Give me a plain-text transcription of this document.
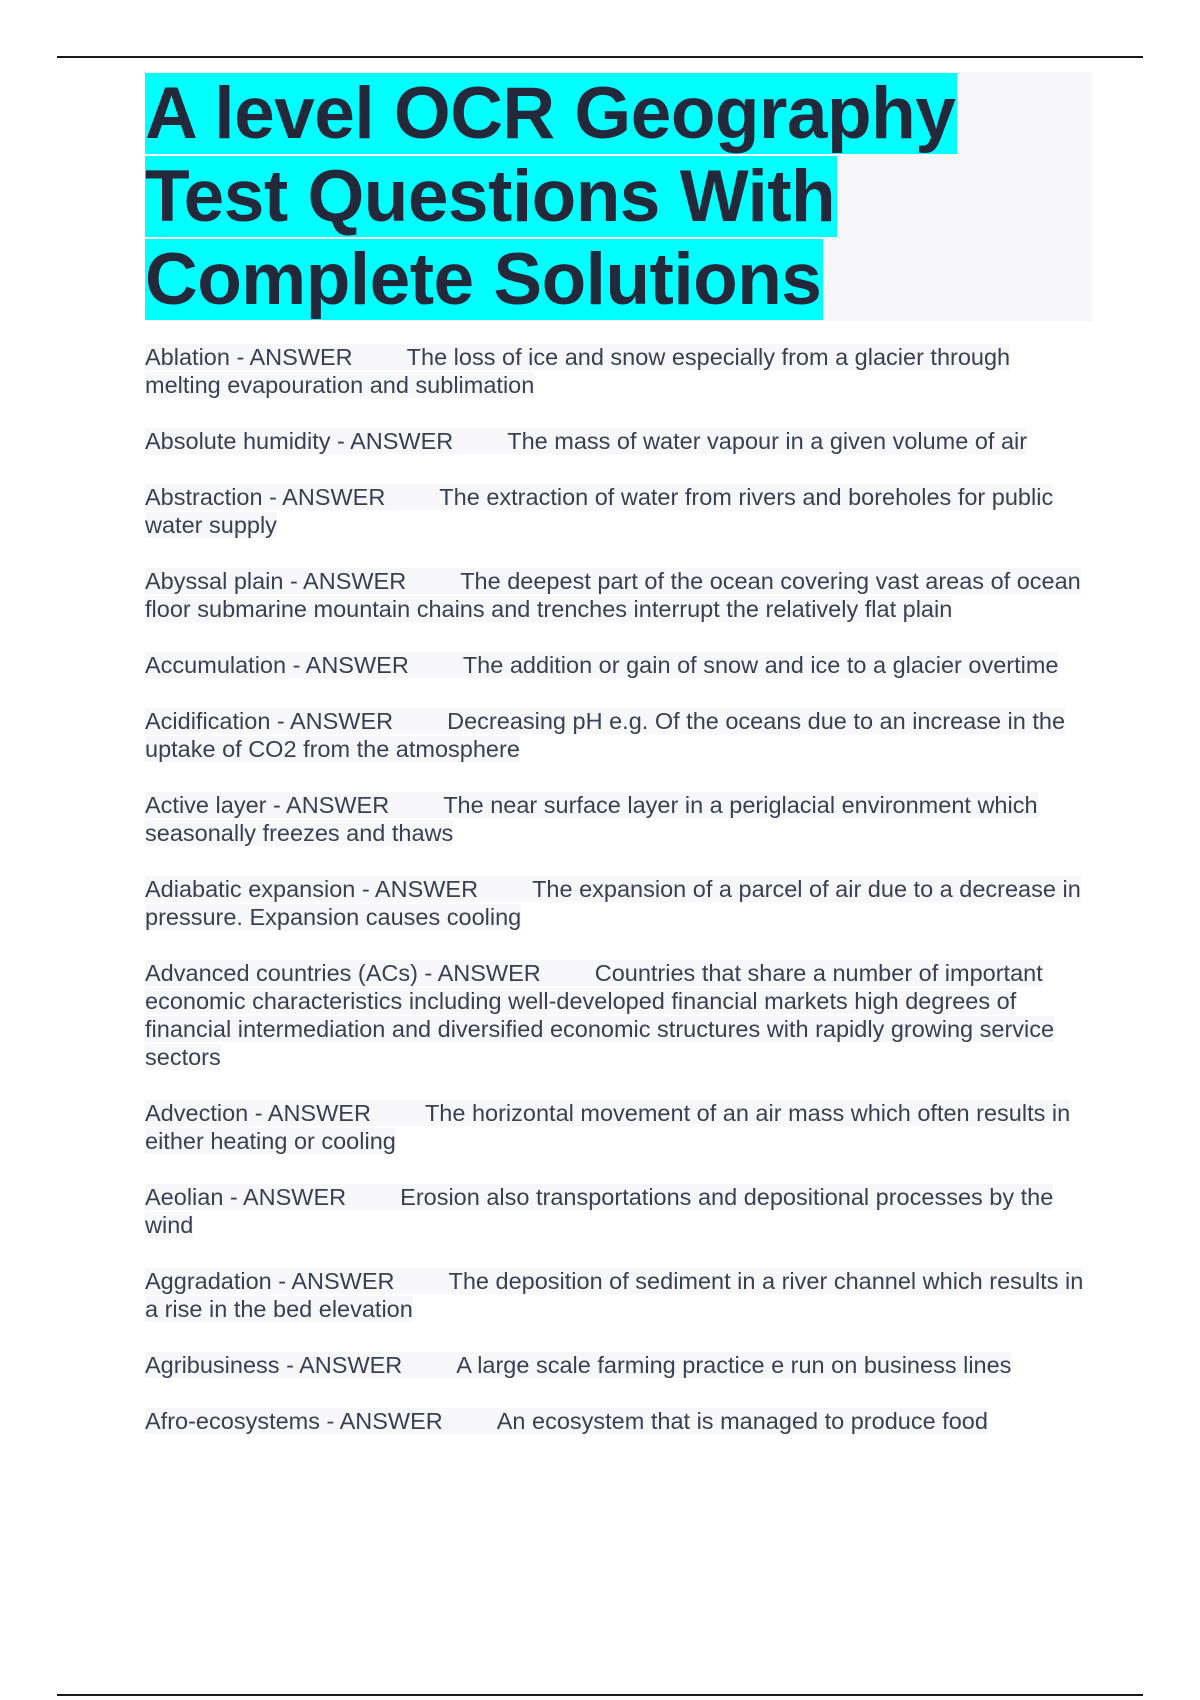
A level OCR Geography Test Questions With Complete Solutions
Ablation - ANSWER The loss of ice and snow especially from a glacier through melting evapouration and sublimation
Absolute humidity - ANSWER The mass of water vapour in a given volume of air
Abstraction - ANSWER The extraction of water from rivers and boreholes for public water supply
Abyssal plain - ANSWER The deepest part of the ocean covering vast areas of ocean floor submarine mountain chains and trenches interrupt the relatively flat plain
Accumulation - ANSWER The addition or gain of snow and ice to a glacier overtime
Acidification - ANSWER Decreasing pH e.g. Of the oceans due to an increase in the uptake of CO2 from the atmosphere
Active layer - ANSWER The near surface layer in a periglacial environment which seasonally freezes and thaws
Adiabatic expansion - ANSWER The expansion of a parcel of air due to a decrease in pressure. Expansion causes cooling
Advanced countries (ACs) - ANSWER Countries that share a number of important economic characteristics including well-developed financial markets high degrees of financial intermediation and diversified economic structures with rapidly growing service sectors
Advection - ANSWER The horizontal movement of an air mass which often results in either heating or cooling
Aeolian - ANSWER Erosion also transportations and depositional processes by the wind
Aggradation - ANSWER The deposition of sediment in a river channel which results in a rise in the bed elevation
Agribusiness - ANSWER A large scale farming practice e run on business lines
Afro-ecosystems - ANSWER An ecosystem that is managed to produce food
